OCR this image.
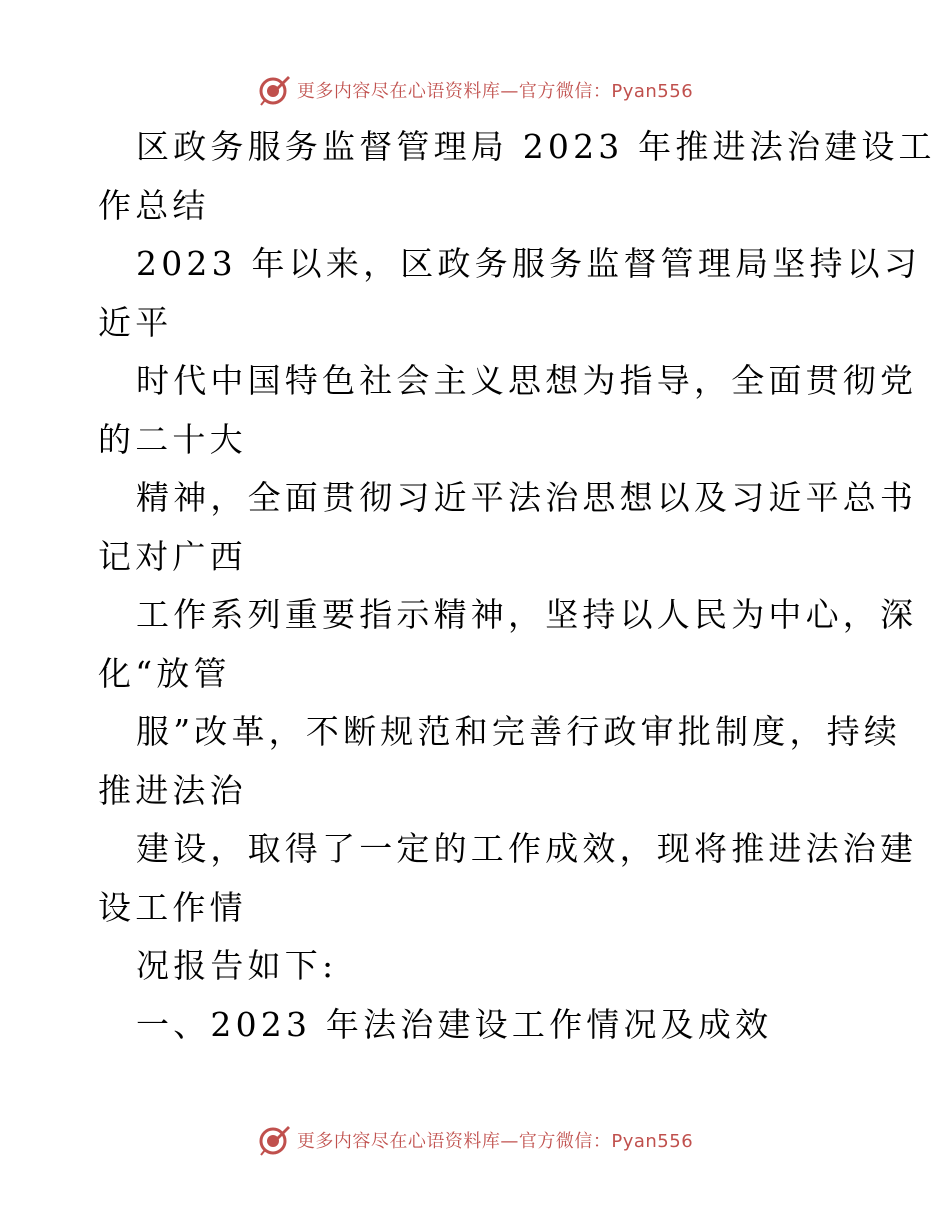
更多内容尽在心语资料库—官方微信：Pyan556
区政务服务监督管理局 2023 年推进法治建设工
作总结
2023 年以来，区政务服务监督管理局坚持以习
近平
时代中国特色社会主义思想为指导，全面贯彻党
的二十大
精神，全面贯彻习近平法治思想以及习近平总书
记对广西
工作系列重要指示精神，坚持以人民为中心，深
化“放管
服”改革，不断规范和完善行政审批制度，持续
推进法治
建设，取得了一定的工作成效，现将推进法治建
设工作情
况报告如下:
一、2023 年法治建设工作情况及成效
更多内容尽在心语资料库—官方微信：Pyan556
